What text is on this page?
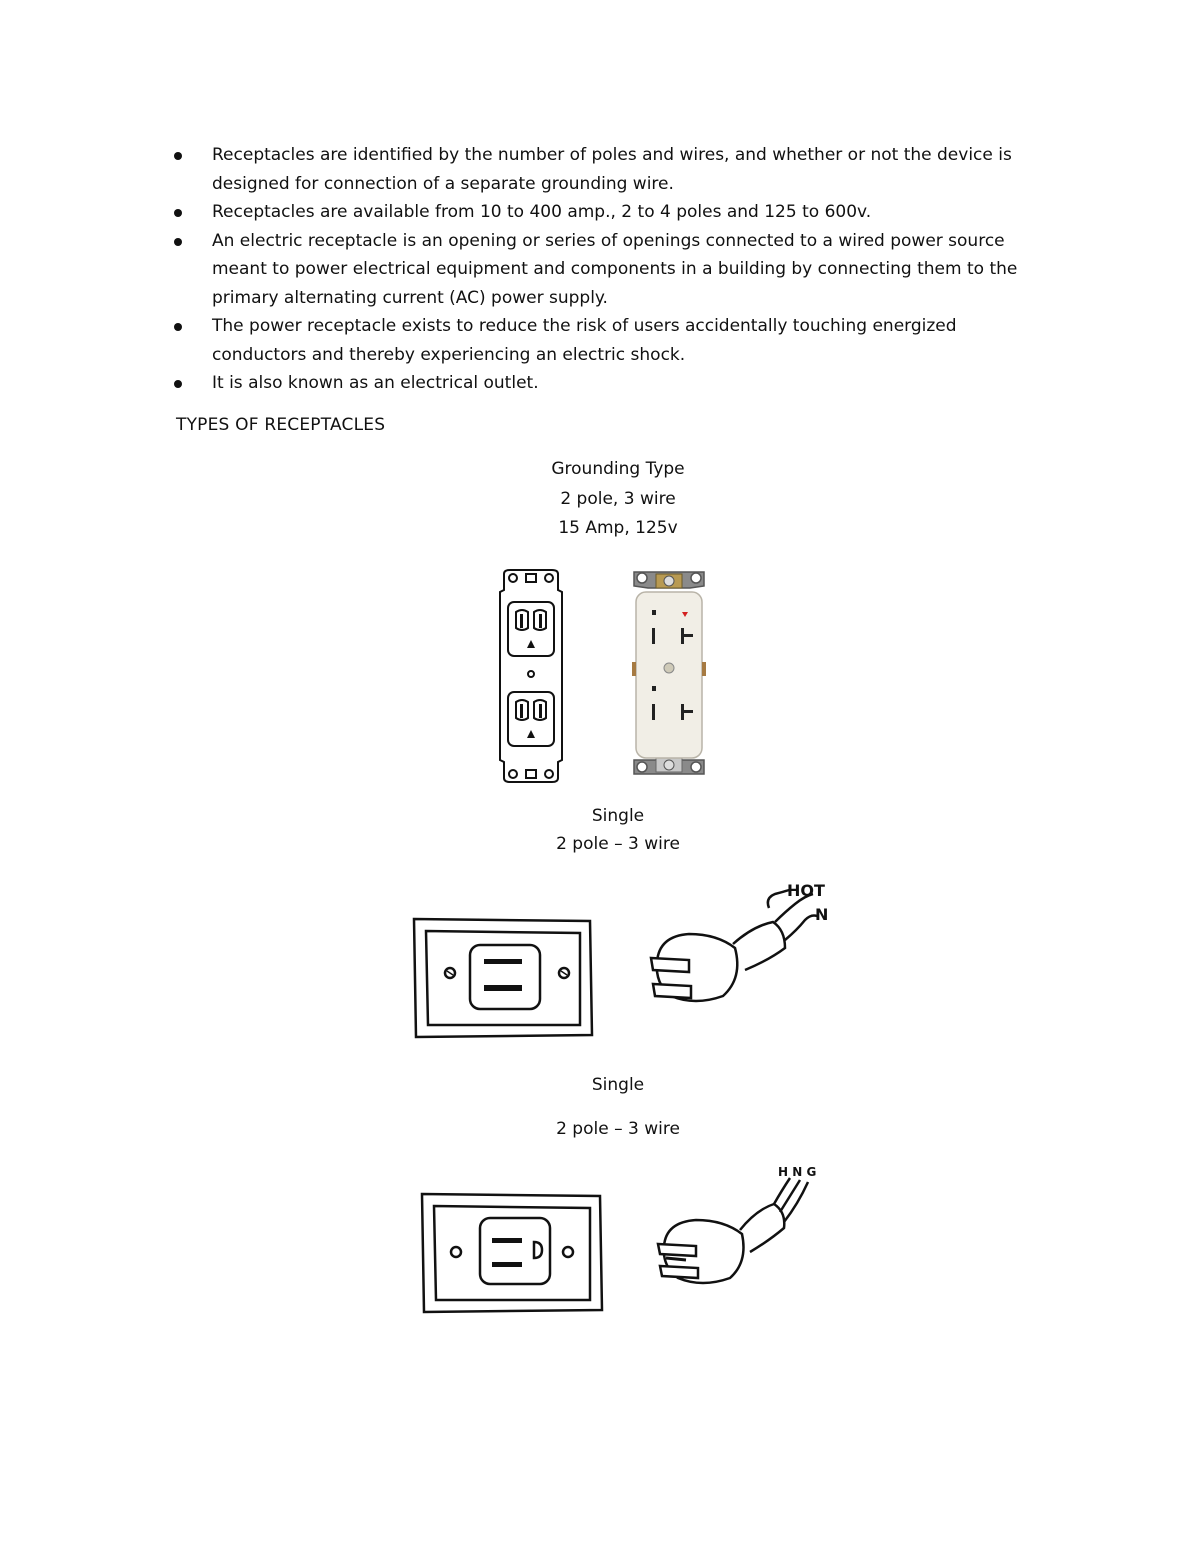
Receptacles are identified by the number of poles and wires, and whether or not the device is designed for connection of a separate grounding wire.
Receptacles are available from 10 to 400 amp., 2 to 4 poles and 125 to 600v.
An electric receptacle is an opening or series of openings connected to a wired power source meant to power electrical equipment and components in a building by connecting them to the primary alternating current (AC) power supply.
The power receptacle exists to reduce the risk of users accidentally touching energized conductors and thereby experiencing an electric shock.
It is also known as an electrical outlet.
TYPES OF RECEPTACLES
Grounding Type
2 pole, 3 wire
15 Amp, 125v
Single
2 pole – 3 wire
HOT
N
Single
2 pole – 3 wire
H N G
